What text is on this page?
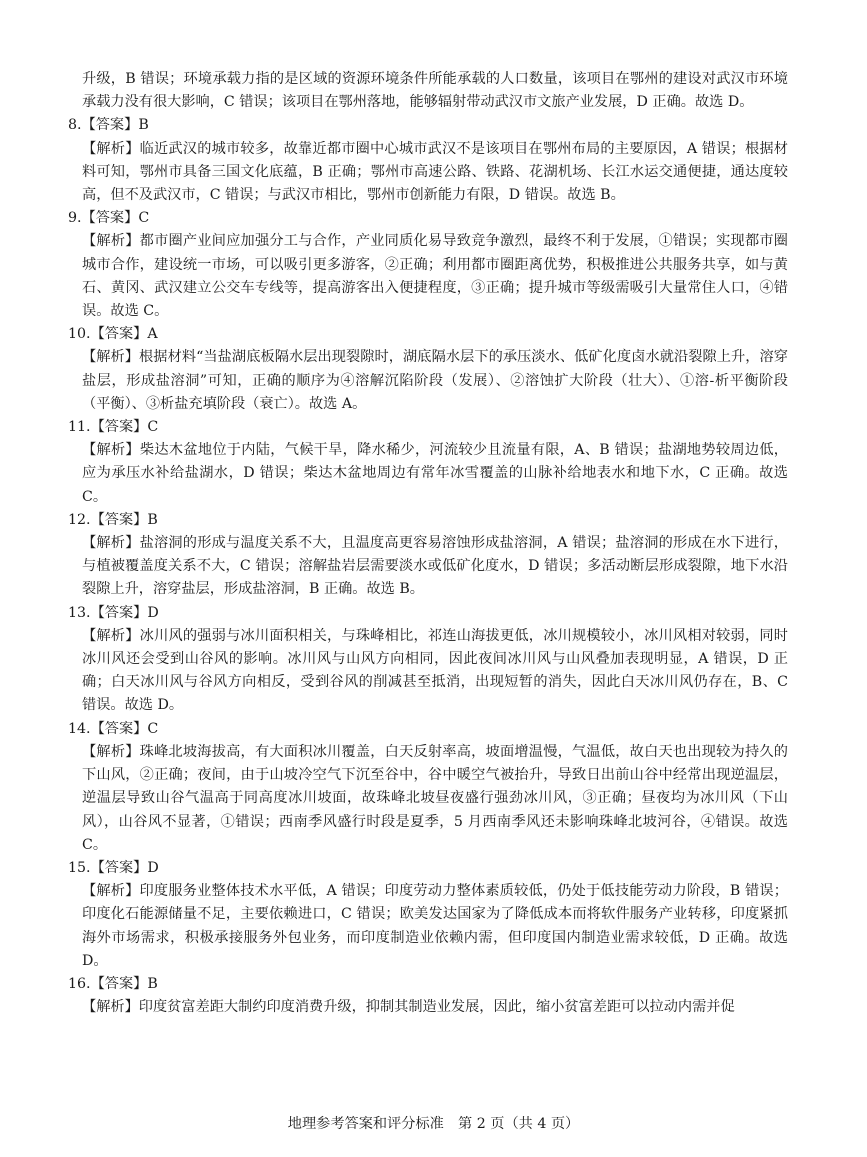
升级，B 错误；环境承载力指的是区域的资源环境条件所能承载的人口数量，该项目在鄂州的建设对武汉市环境承载力没有很大影响，C 错误；该项目在鄂州落地，能够辐射带动武汉市文旅产业发展，D 正确。故选 D。

8.【答案】B

【解析】临近武汉的城市较多，故靠近都市圈中心城市武汉不是该项目在鄂州布局的主要原因，A 错误；根据材料可知，鄂州市具备三国文化底蕴，B 正确；鄂州市高速公路、铁路、花湖机场、长江水运交通便捷，通达度较高，但不及武汉市，C 错误；与武汉市相比，鄂州市创新能力有限，D 错误。故选 B。

9.【答案】C

【解析】都市圈产业间应加强分工与合作，产业同质化易导致竞争激烈，最终不利于发展，①错误；实现都市圈城市合作，建设统一市场，可以吸引更多游客，②正确；利用都市圈距离优势，积极推进公共服务共享，如与黄石、黄冈、武汉建立公交车专线等，提高游客出入便捷程度，③正确；提升城市等级需吸引大量常住人口，④错误。故选 C。

10.【答案】A

【解析】根据材料“当盐湖底板隔水层出现裂隙时，湖底隔水层下的承压淡水、低矿化度卤水就沿裂隙上升，溶穿盐层，形成盐溶洞”可知，正确的顺序为④溶解沉陷阶段（发展）、②溶蚀扩大阶段（壮大）、①溶-析平衡阶段（平衡）、③析盐充填阶段（衰亡）。故选 A。

11.【答案】C

【解析】柴达木盆地位于内陆，气候干旱，降水稀少，河流较少且流量有限，A、B 错误；盐湖地势较周边低，应为承压水补给盐湖水，D 错误；柴达木盆地周边有常年冰雪覆盖的山脉补给地表水和地下水，C 正确。故选 C。

12.【答案】B

【解析】盐溶洞的形成与温度关系不大，且温度高更容易溶蚀形成盐溶洞，A 错误；盐溶洞的形成在水下进行，与植被覆盖度关系不大，C 错误；溶解盐岩层需要淡水或低矿化度水，D 错误；多活动断层形成裂隙，地下水沿裂隙上升，溶穿盐层，形成盐溶洞，B 正确。故选 B。

13.【答案】D

【解析】冰川风的强弱与冰川面积相关，与珠峰相比，祁连山海拔更低，冰川规模较小，冰川风相对较弱，同时冰川风还会受到山谷风的影响。冰川风与山风方向相同，因此夜间冰川风与山风叠加表现明显，A 错误，D 正确；白天冰川风与谷风方向相反，受到谷风的削减甚至抵消，出现短暂的消失，因此白天冰川风仍存在，B、C 错误。故选 D。

14.【答案】C

【解析】珠峰北坡海拔高，有大面积冰川覆盖，白天反射率高，坡面增温慢，气温低，故白天也出现较为持久的下山风，②正确；夜间，由于山坡冷空气下沉至谷中，谷中暖空气被抬升，导致日出前山谷中经常出现逆温层，逆温层导致山谷气温高于同高度冰川坡面，故珠峰北坡昼夜盛行强劲冰川风，③正确；昼夜均为冰川风（下山风），山谷风不显著，①错误；西南季风盛行时段是夏季，5 月西南季风还未影响珠峰北坡河谷，④错误。故选 C。

15.【答案】D

【解析】印度服务业整体技术水平低，A 错误；印度劳动力整体素质较低，仍处于低技能劳动力阶段，B 错误；印度化石能源储量不足，主要依赖进口，C 错误；欧美发达国家为了降低成本而将软件服务产业转移，印度紧抓海外市场需求，积极承接服务外包业务，而印度制造业依赖内需，但印度国内制造业需求较低，D 正确。故选 D。

16.【答案】B

【解析】印度贫富差距大制约印度消费升级，抑制其制造业发展，因此，缩小贫富差距可以拉动内需并促

地理参考答案和评分标准　第 2 页（共 4 页）
